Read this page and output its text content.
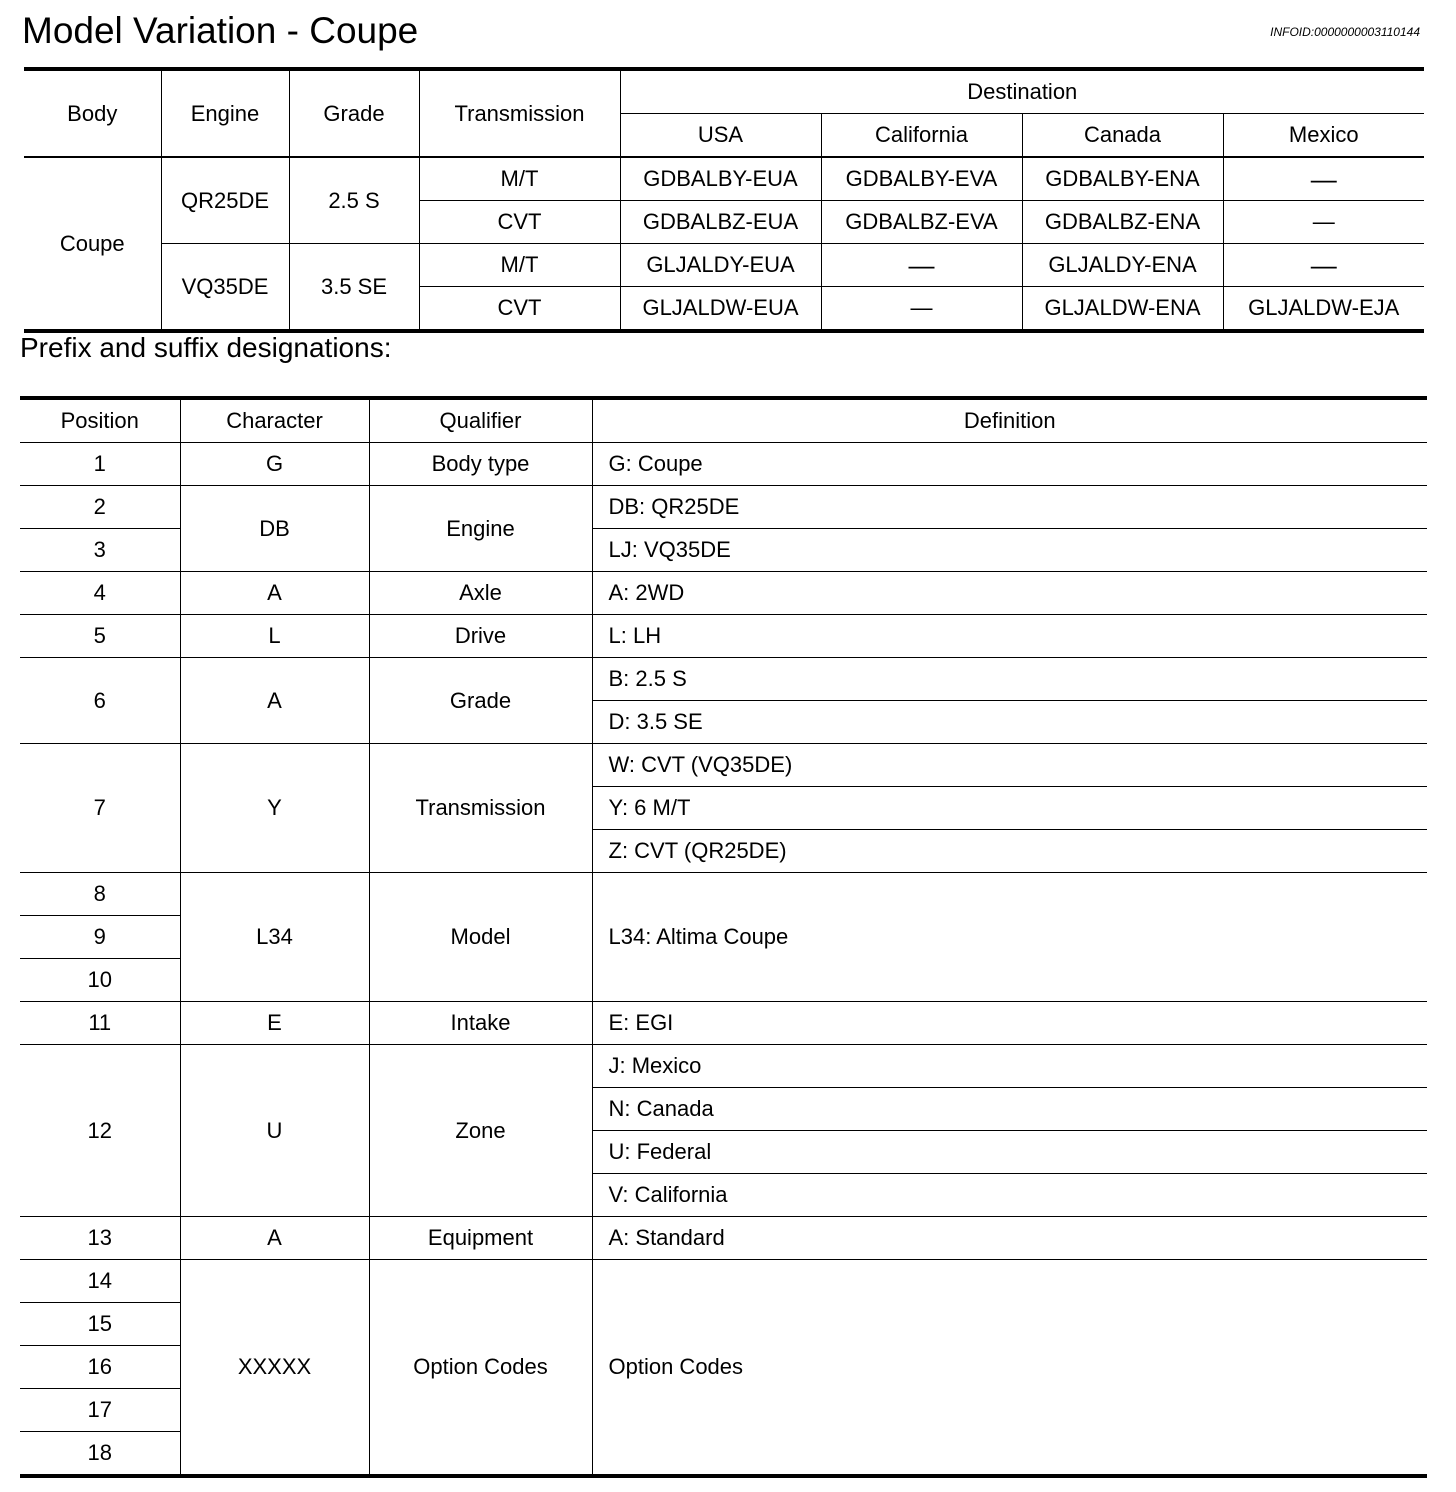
Model Variation - Coupe	INFOID:0000000003110144
Body	Engine	Grade	Transmission	Destination			
				USA	California	Canada	Mexico
Coupe	QR25DE	2.5 S	M/T	GDBALBY-EUA	GDBALBY-EVA	GDBALBY-ENA	—
			CVT	GDBALBZ-EUA	GDBALBZ-EVA	GDBALBZ-ENA	—
	VQ35DE	3.5 SE	M/T	GLJALDY-EUA	—	GLJALDY-ENA	—
			CVT	GLJALDW-EUA	—	GLJALDW-ENA	GLJALDW-EJA
Prefix and suffix designations:
Position	Character	Qualifier	Definition
1	G	Body type	G: Coupe
2	DB	Engine	DB: QR25DE
3			LJ: VQ35DE
4	A	Axle	A: 2WD
5	L	Drive	L: LH
6	A	Grade	B: 2.5 S
			D: 3.5 SE
7	Y	Transmission	W: CVT (VQ35DE)
			Y: 6 M/T
			Z: CVT (QR25DE)
8	L34	Model	L34: Altima Coupe
9			
10			
11	E	Intake	E: EGI
12	U	Zone	J: Mexico
			N: Canada
			U: Federal
			V: California
13	A	Equipment	A: Standard
14	XXXXX	Option Codes	Option Codes
15			
16			
17			
18			
